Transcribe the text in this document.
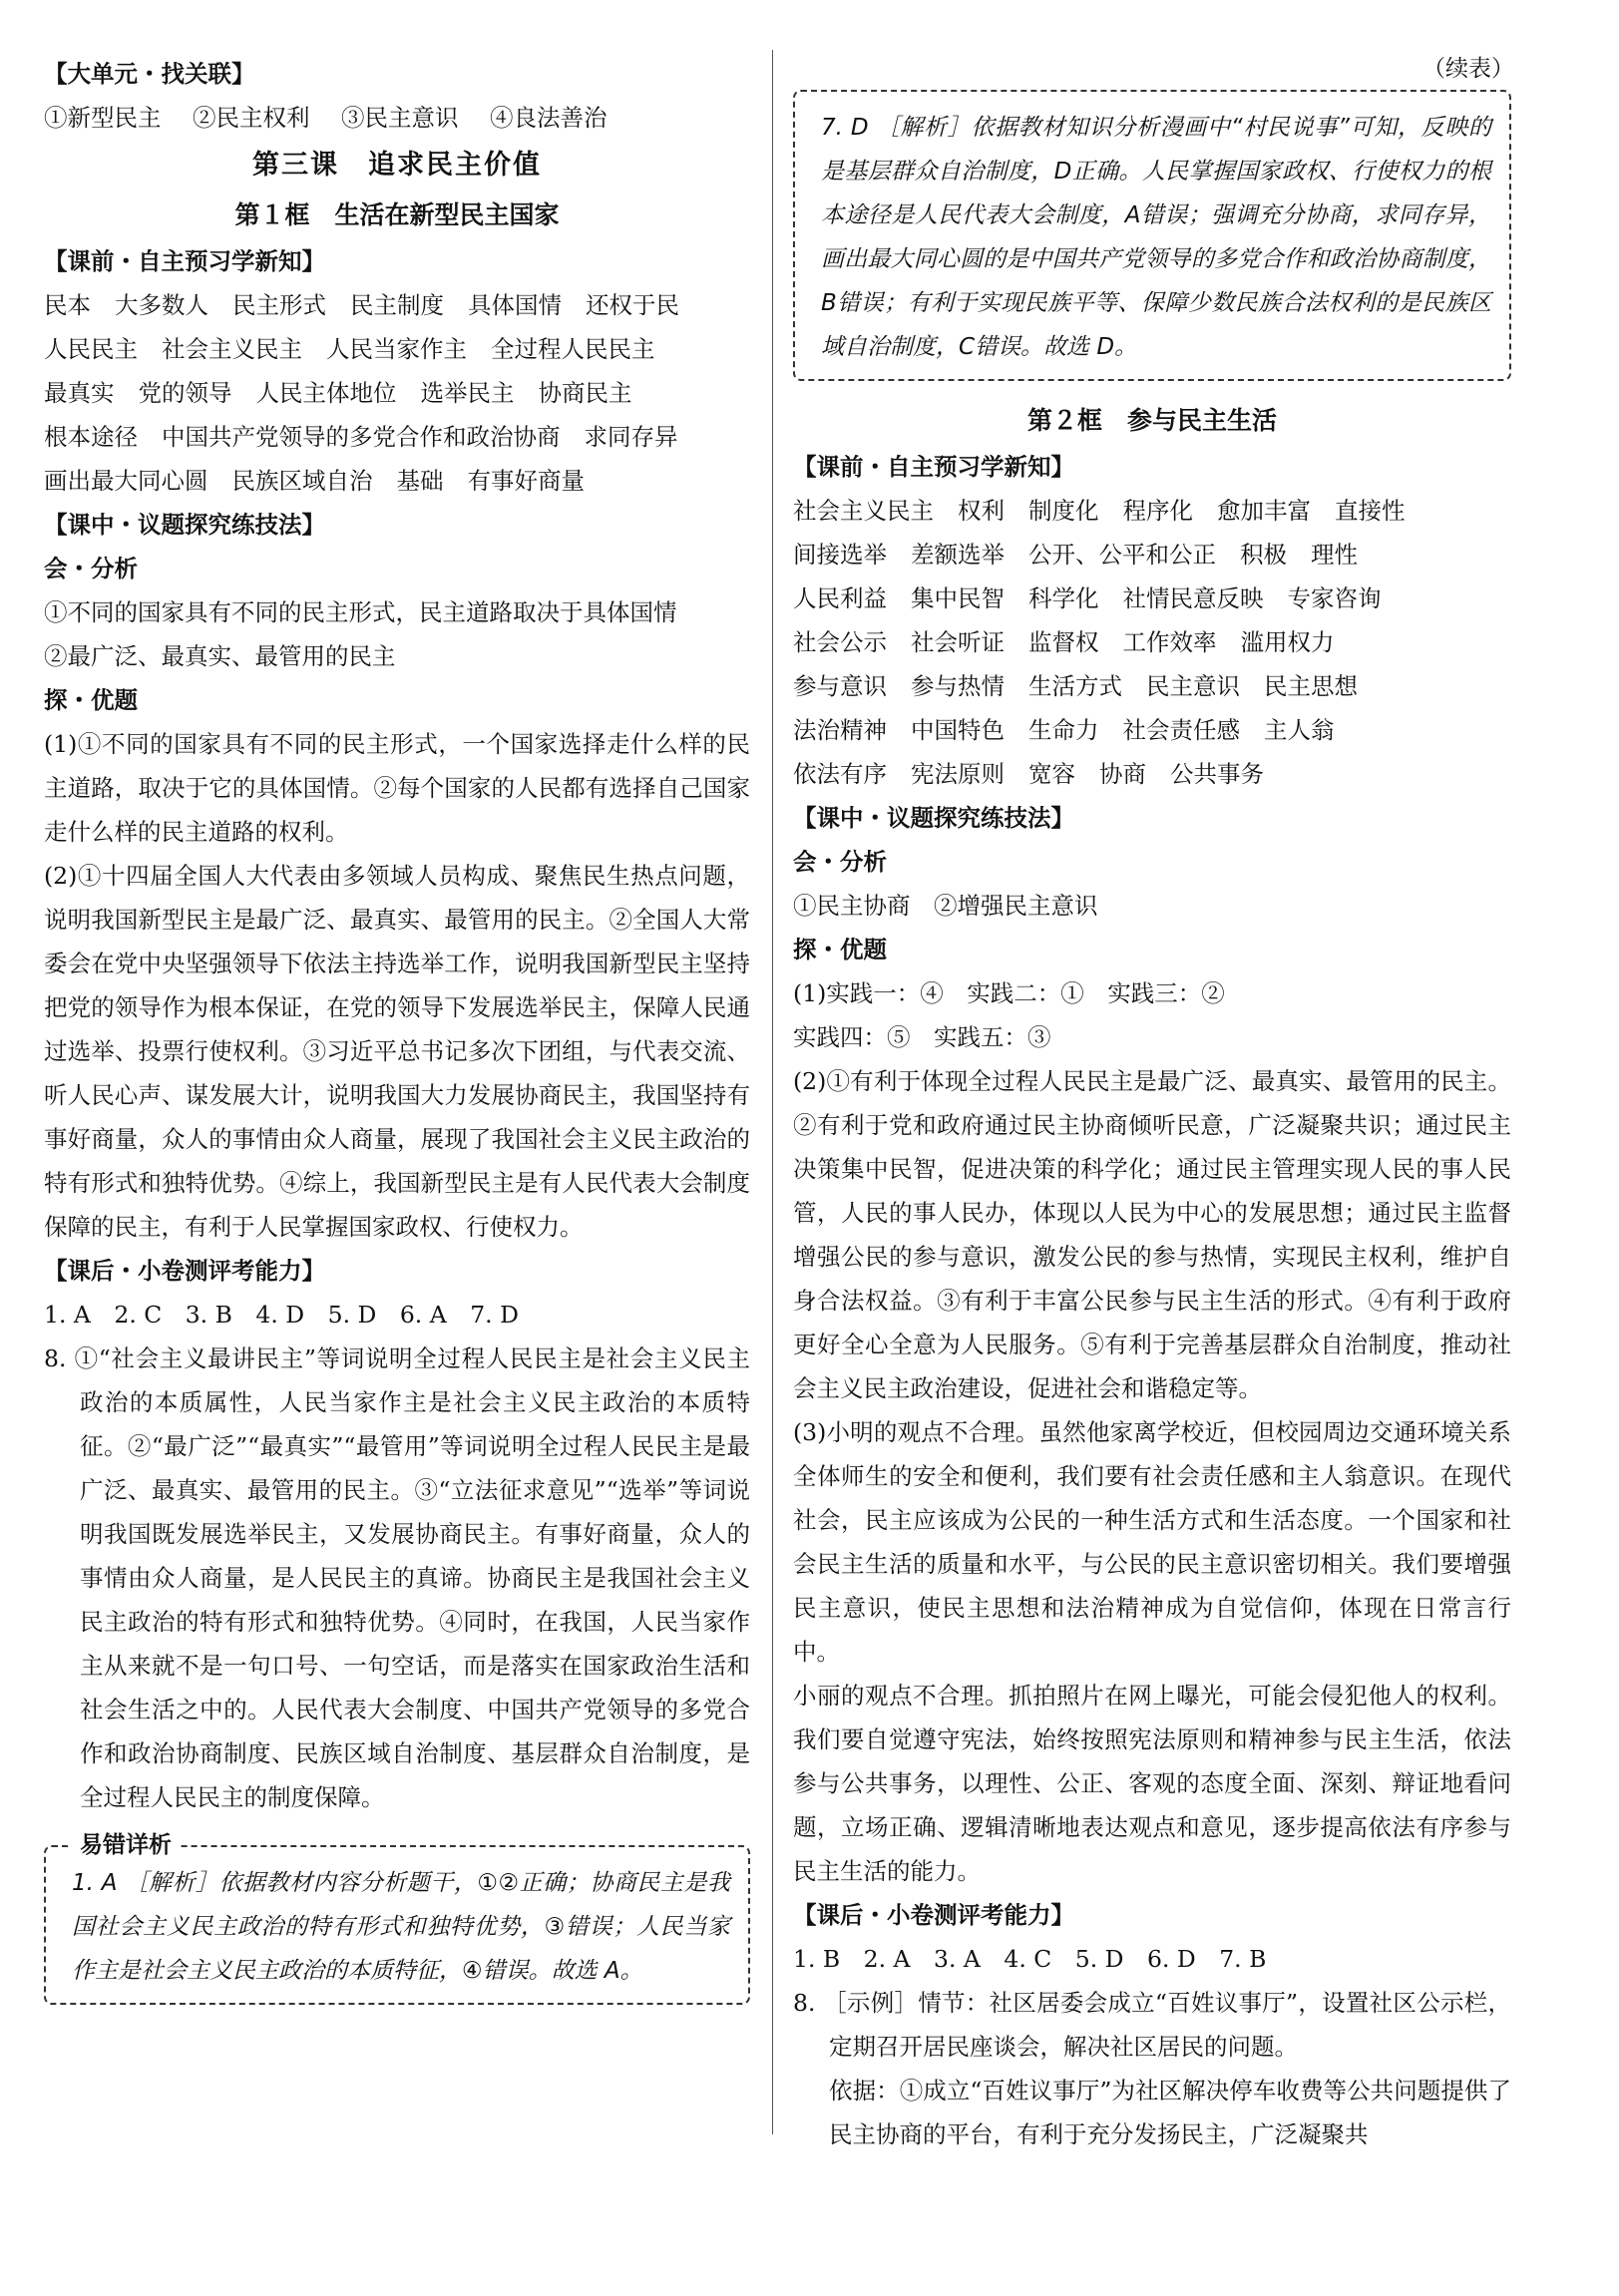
（续表）
【大单元・找关联】
①新型民主 ②民主权利 ③民主意识 ④良法善治
第三课　追求民主价值
第１框　生活在新型民主国家
【课前・自主预习学新知】
民本 大多数人 民主形式 民主制度 具体国情 还权于民
人民民主 社会主义民主 人民当家作主 全过程人民民主
最真实 党的领导 人民主体地位 选举民主 协商民主
根本途径 中国共产党领导的多党合作和政治协商 求同存异
画出最大同心圆 民族区域自治 基础 有事好商量
【课中・议题探究练技法】
会・分析

①不同的国家具有不同的民主形式，民主道路取决于具体国情

②最广泛、最真实、最管用的民主

探・优题

(1)①不同的国家具有不同的民主形式，一个国家选择走什么样的民主道路，取决于它的具体国情。②每个国家的人民都有选择自己国家走什么样的民主道路的权利。

(2)①十四届全国人大代表由多领域人员构成、聚焦民生热点问题，说明我国新型民主是最广泛、最真实、最管用的民主。②全国人大常委会在党中央坚强领导下依法主持选举工作，说明我国新型民主坚持把党的领导作为根本保证，在党的领导下发展选举民主，保障人民通过选举、投票行使权利。③习近平总书记多次下团组，与代表交流、听人民心声、谋发展大计，说明我国大力发展协商民主，我国坚持有事好商量，众人的事情由众人商量，展现了我国社会主义民主政治的特有形式和独特优势。④综上，我国新型民主是有人民代表大会制度保障的民主，有利于人民掌握国家政权、行使权力。

【课后・小卷测评考能力】
1. A　2. C　3. B　4. D　5. D　6. A　7. D

8. ①“社会主义最讲民主”等词说明全过程人民民主是社会主义民主政治的本质属性，人民当家作主是社会主义民主政治的本质特征。②“最广泛”“最真实”“最管用”等词说明全过程人民民主是最广泛、最真实、最管用的民主。③“立法征求意见”“选举”等词说明我国既发展选举民主，又发展协商民主。有事好商量，众人的事情由众人商量，是人民民主的真谛。协商民主是我国社会主义民主政治的特有形式和独特优势。④同时，在我国，人民当家作主从来就不是一句口号、一句空话，而是落实在国家政治生活和社会生活之中的。人民代表大会制度、中国共产党领导的多党合作和政治协商制度、民族区域自治制度、基层群众自治制度，是全过程人民民主的制度保障。

易错详析

1. A ［解析］依据教材内容分析题干，①②正确；协商民主是我国社会主义民主政治的特有形式和独特优势，③错误；人民当家作主是社会主义民主政治的本质特征，④错误。故选 A。

7. D ［解析］依据教材知识分析漫画中“村民说事”可知，反映的是基层群众自治制度，D正确。人民掌握国家政权、行使权力的根本途径是人民代表大会制度，A错误；强调充分协商，求同存异，画出最大同心圆的是中国共产党领导的多党合作和政治协商制度，B错误；有利于实现民族平等、保障少数民族合法权利的是民族区域自治制度，C错误。故选 D。

第２框　参与民主生活
【课前・自主预习学新知】
社会主义民主 权利 制度化 程序化 愈加丰富 直接性
间接选举 差额选举 公开、公平和公正 积极 理性
人民利益 集中民智 科学化 社情民意反映 专家咨询
社会公示 社会听证 监督权 工作效率 滥用权力
参与意识 参与热情 生活方式 民主意识 民主思想
法治精神 中国特色 生命力 社会责任感 主人翁
依法有序 宪法原则 宽容 协商 公共事务
【课中・议题探究练技法】
会・分析

①民主协商　②增强民主意识

探・优题

(1)实践一：④　实践二：①　实践三：②

实践四：⑤　实践五：③

(2)①有利于体现全过程人民民主是最广泛、最真实、最管用的民主。②有利于党和政府通过民主协商倾听民意，广泛凝聚共识；通过民主决策集中民智，促进决策的科学化；通过民主管理实现人民的事人民管，人民的事人民办，体现以人民为中心的发展思想；通过民主监督增强公民的参与意识，激发公民的参与热情，实现民主权利，维护自身合法权益。③有利于丰富公民参与民主生活的形式。④有利于政府更好全心全意为人民服务。⑤有利于完善基层群众自治制度，推动社会主义民主政治建设，促进社会和谐稳定等。

(3)小明的观点不合理。虽然他家离学校近，但校园周边交通环境关系全体师生的安全和便利，我们要有社会责任感和主人翁意识。在现代社会，民主应该成为公民的一种生活方式和生活态度。一个国家和社会民主生活的质量和水平，与公民的民主意识密切相关。我们要增强民主意识，使民主思想和法治精神成为自觉信仰，体现在日常言行中。

小丽的观点不合理。抓拍照片在网上曝光，可能会侵犯他人的权利。我们要自觉遵守宪法，始终按照宪法原则和精神参与民主生活，依法参与公共事务，以理性、公正、客观的态度全面、深刻、辩证地看问题，立场正确、逻辑清晰地表达观点和意见，逐步提高依法有序参与民主生活的能力。

【课后・小卷测评考能力】
1. B　2. A　3. A　4. C　5. D　6. D　7. B

8. ［示例］情节：社区居委会成立“百姓议事厅”，设置社区公示栏，定期召开居民座谈会，解决社区居民的问题。

依据：①成立“百姓议事厅”为社区解决停车收费等公共问题提供了民主协商的平台，有利于充分发扬民主，广泛凝聚共
